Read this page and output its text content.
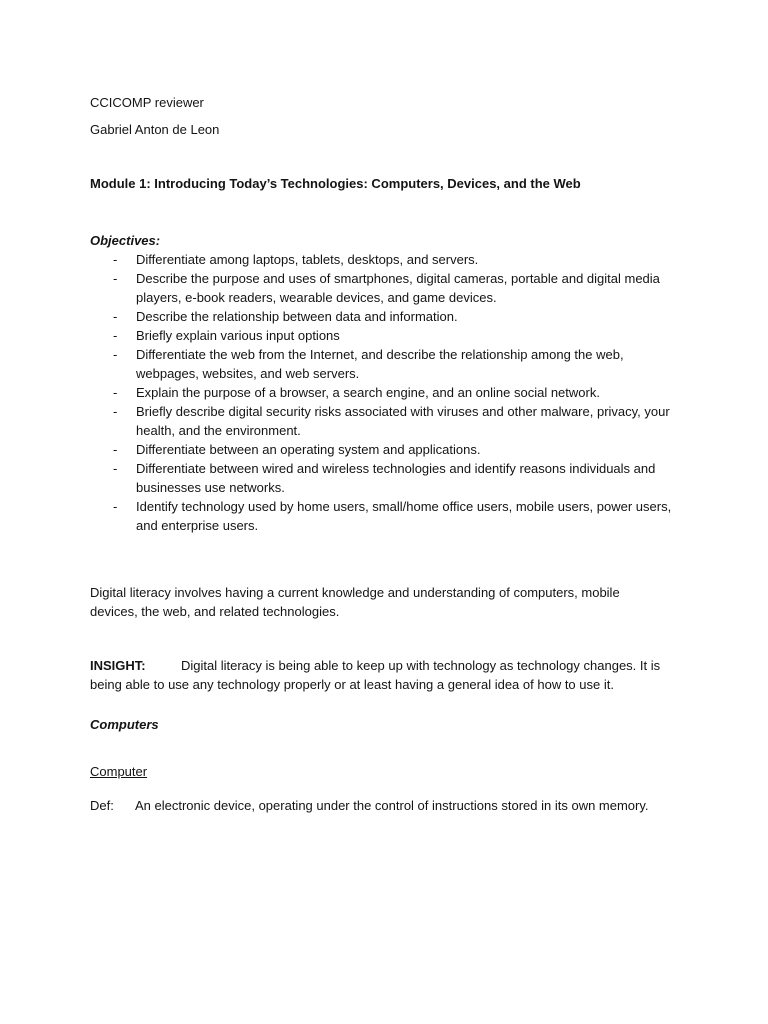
CCICOMP reviewer

Gabriel Anton de Leon

Module 1: Introducing Today’s Technologies: Computers, Devices, and the Web

Objectives:

- Differentiate among laptops, tablets, desktops, and servers.
- Describe the purpose and uses of smartphones, digital cameras, portable and digital media players, e-book readers, wearable devices, and game devices.
- Describe the relationship between data and information.
- Briefly explain various input options
- Differentiate the web from the Internet, and describe the relationship among the web, webpages, websites, and web servers.
- Explain the purpose of a browser, a search engine, and an online social network.
- Briefly describe digital security risks associated with viruses and other malware, privacy, your health, and the environment.
- Differentiate between an operating system and applications.
- Differentiate between wired and wireless technologies and identify reasons individuals and businesses use networks.
- Identify technology used by home users, small/home office users, mobile users, power users, and enterprise users.

Digital literacy involves having a current knowledge and understanding of computers, mobile devices, the web, and related technologies.

INSIGHT:	Digital literacy is being able to keep up with technology as technology changes. It is being able to use any technology properly or at least having a general idea of how to use it.

Computers

Computer

Def: An electronic device, operating under the control of instructions stored in its own memory.
